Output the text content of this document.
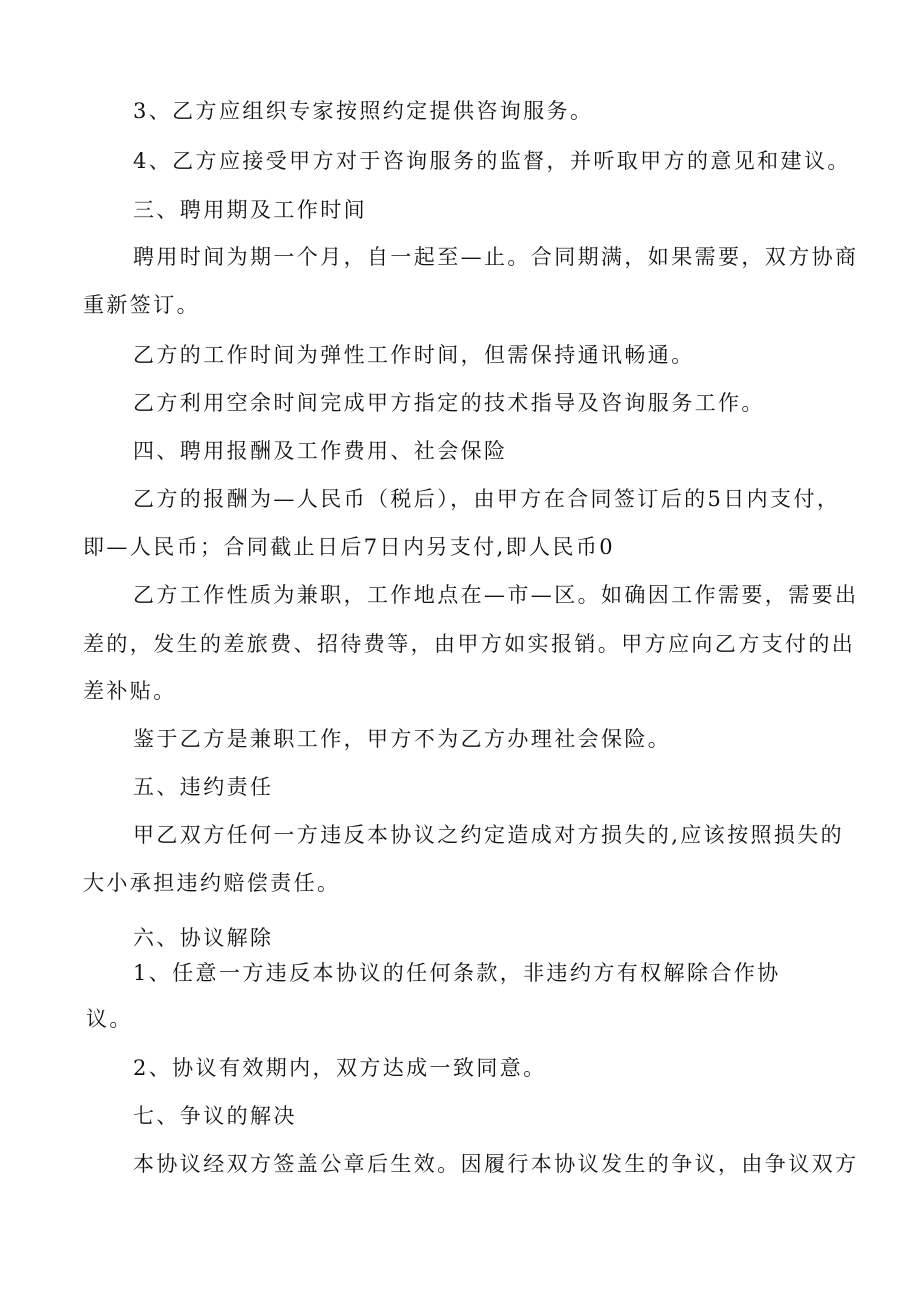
3、乙方应组织专家按照约定提供咨询服务。
4、乙方应接受甲方对于咨询服务的监督，并听取甲方的意见和建议。
三、聘用期及工作时间
聘用时间为期一个月，自一起至—止。合同期满，如果需要，双方协商
重新签订。
乙方的工作时间为弹性工作时间，但需保持通讯畅通。
乙方利用空余时间完成甲方指定的技术指导及咨询服务工作。
四、聘用报酬及工作费用、社会保险
乙方的报酬为—人民币（税后），由甲方在合同签订后的5日内支付，
即—人民币；合同截止日后7日内另支付,即人民币0
乙方工作性质为兼职，工作地点在—市—区。如确因工作需要，需要出
差的，发生的差旅费、招待费等，由甲方如实报销。甲方应向乙方支付的出
差补贴。
鉴于乙方是兼职工作，甲方不为乙方办理社会保险。
五、违约责任
甲乙双方任何一方违反本协议之约定造成对方损失的,应该按照损失的
大小承担违约赔偿责任。
六、协议解除
1、任意一方违反本协议的任何条款，非违约方有权解除合作协
议。
2、协议有效期内，双方达成一致同意。
七、争议的解决
本协议经双方签盖公章后生效。因履行本协议发生的争议，由争议双方
